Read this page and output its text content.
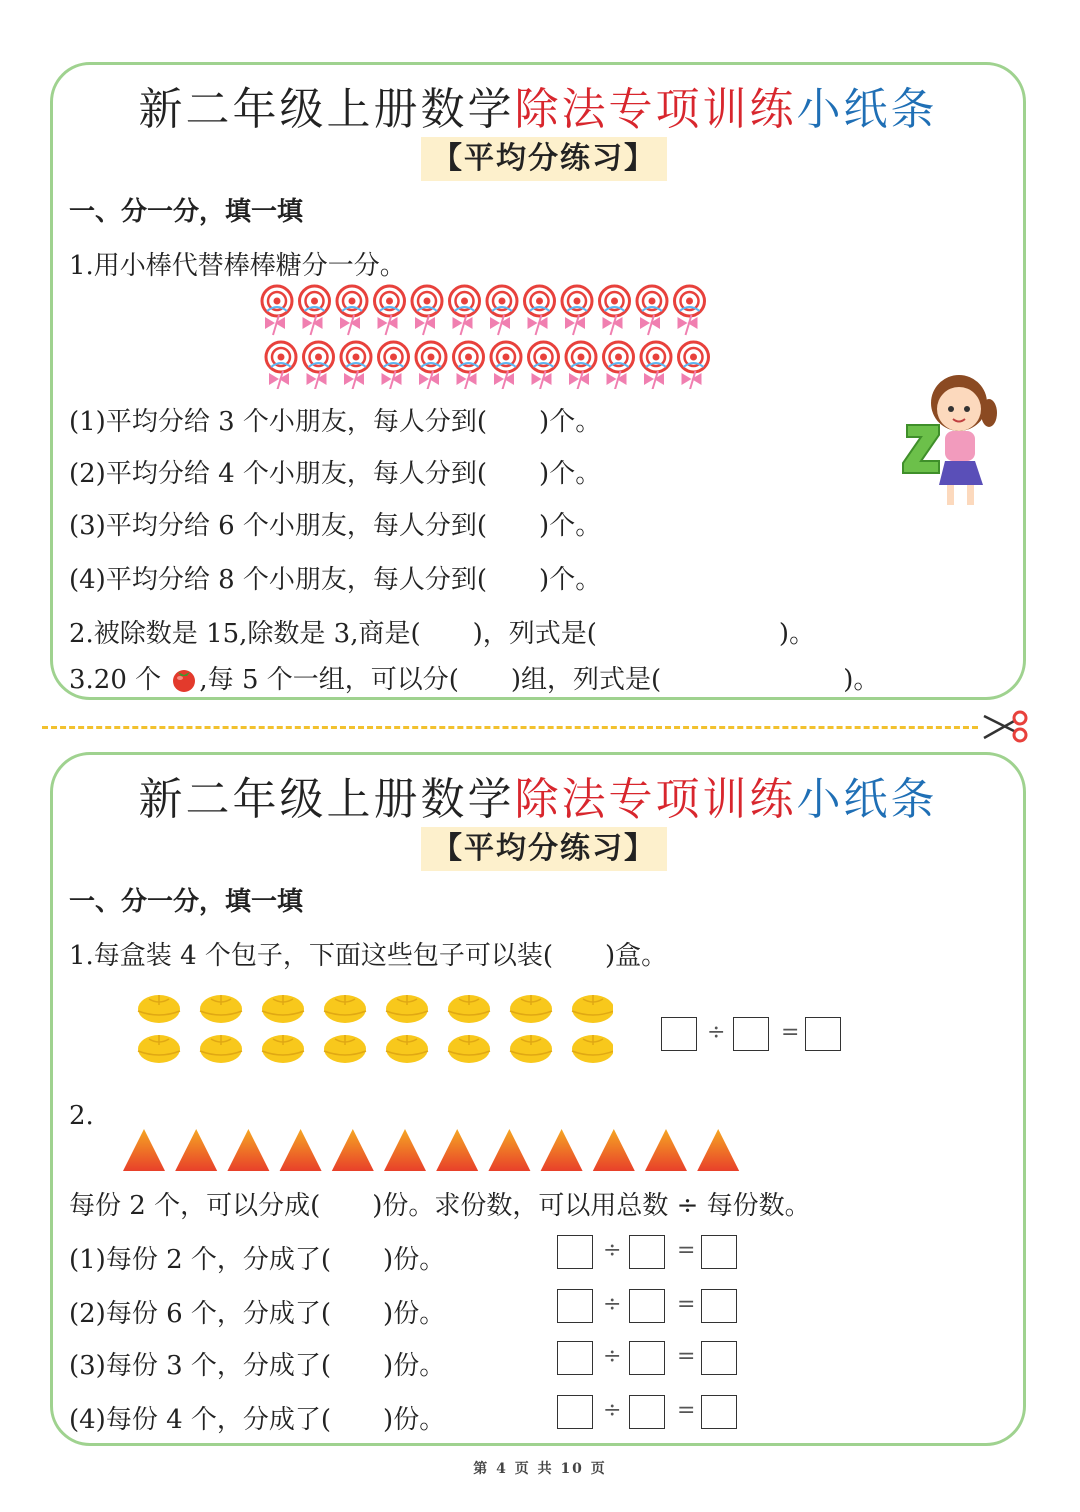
新二年级上册数学除法专项训练小纸条
【平均分练习】
一、分一分，填一填
1.用小棒代替棒棒糖分一分。
(1)平均分给 3 个小朋友，每人分到(　　)个。
(2)平均分给 4 个小朋友，每人分到(　　)个。
(3)平均分给 6 个小朋友，每人分到(　　)个。
(4)平均分给 8 个小朋友，每人分到(　　)个。
2.被除数是 15,除数是 3,商是(　　)，列式是(　　　　　　　)。
3.20 个 ,每 5 个一组，可以分(　　)组，列式是(　　　　　　　)。
新二年级上册数学除法专项训练小纸条
【平均分练习】
一、分一分，填一填
1.每盒装 4 个包子，下面这些包子可以装(　　)盒。
÷	=
2.
每份 2 个，可以分成(　　)份。求份数，可以用总数 ÷ 每份数。
(1)每份 2 个，分成了(　　)份。
(2)每份 6 个，分成了(　　)份。
(3)每份 3 个，分成了(　　)份。
(4)每份 4 个，分成了(　　)份。
÷	=
÷	=
÷	=
÷	=
第 4 页 共 10 页
